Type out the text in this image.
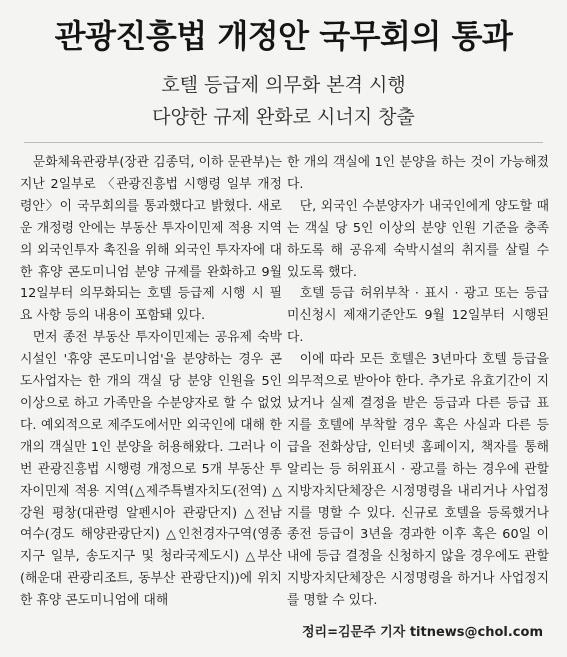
관광진흥법 개정안 국무회의 통과
호텔 등급제 의무화 본격 시행
다양한 규제 완화로 시너지 창출

문화체육관광부(장관 김종덕, 이하 문관부)는 지난 2일부로 〈관광진흥법 시행령 일부 개정령안〉이 국무회의를 통과했다고 밝혔다. 새로운 개정령 안에는 부동산 투자이민제 적용 지역의 외국인투자 촉진을 위해 외국인 투자자에 대한 휴양 콘도미니엄 분양 규제를 완화하고 9월 12일부터 의무화되는 호텔 등급제 시행 시 필요 사항 등의 내용이 포함돼 있다.

먼저 종전 부동산 투자이민제는 공유제 숙박시설인 '휴양 콘도미니엄'을 분양하는 경우 콘도사업자는 한 개의 객실 당 분양 인원을 5인 이상으로 하고 가족만을 수분양자로 할 수 없었다. 예외적으로 제주도에서만 외국인에 대해 한 개의 객실만 1인 분양을 허용해왔다. 그러나 이번 관광진흥법 시행령 개정으로 5개 부동산 투자이민제 적용 지역(△제주특별자치도(전역) △강원 평창(대관령 알펜시아 관광단지) △전남 여수(경도 해양관광단지) △인천경자구역(영종지구 일부, 송도지구 및 청라국제도시) △부산(해운대 관광리조트, 동부산 관광단지))에 위치한 휴양 콘도미니엄에 대해

한 개의 객실에 1인 분양을 하는 것이 가능해졌다.

단, 외국인 수분양자가 내국인에게 양도할 때는 객실 당 5인 이상의 분양 인원 기준을 충족하도록 해 공유제 숙박시설의 취지를 살릴 수 있도록 했다.

호텔 등급 허위부착 · 표시 · 광고 또는 등급 미신청시 제재기준안도 9월 12일부터 시행된다.

이에 따라 모든 호텔은 3년마다 호텔 등급을 의무적으로 받아야 한다. 추가로 유효기간이 지났거나 실제 결정을 받은 등급과 다른 등급 표지를 호텔에 부착할 경우 혹은 사실과 다른 등급을 전화상담, 인터넷 홈페이지, 책자를 통해 알리는 등 허위표시 · 광고를 하는 경우에 관할 지방자치단체장은 시정명령을 내리거나 사업정지를 명할 수 있다. 신규로 호텔을 등록했거나 종전 등급이 3년을 경과한 이후 혹은 60일 이내에 등급 결정을 신청하지 않을 경우에도 관할 지방자치단체장은 시정명령을 하거나 사업정지를 명할 수 있다.

정리=김문주 기자 titnews@chol.com
